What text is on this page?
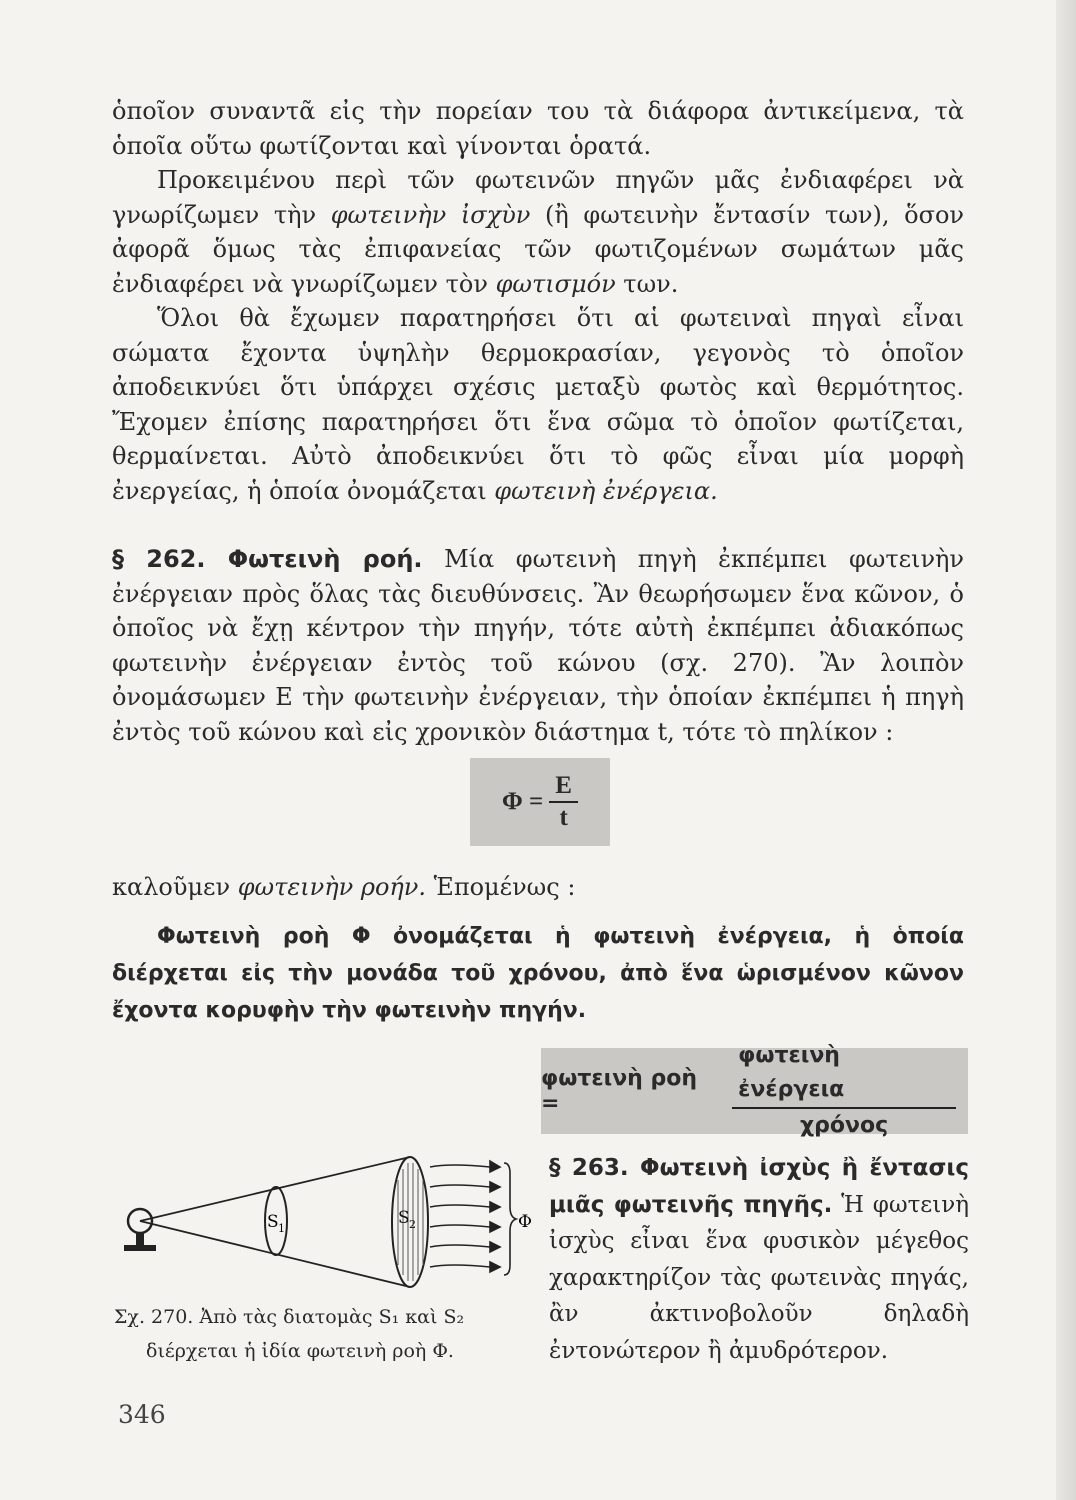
ὁποῖον συναντᾶ εἰς τὴν πορείαν του τὰ διάφορα ἀντικείμενα, τὰ ὁποῖα οὕτω φωτίζονται καὶ γίνονται ὁρατά.

Προκειμένου περὶ τῶν φωτεινῶν πηγῶν μᾶς ἐνδιαφέρει νὰ γνωρίζωμεν τὴν φωτεινὴν ἰσχὺν (ἢ φωτεινὴν ἔντασίν των), ὅσον ἀφορᾶ ὅμως τὰς ἐπιφανείας τῶν φωτιζομένων σωμάτων μᾶς ἐνδιαφέρει νὰ γνωρίζωμεν τὸν φωτισμόν των.

Ὅλοι θὰ ἔχωμεν παρατηρήσει ὅτι αἱ φωτειναὶ πηγαὶ εἶναι σώματα ἔχοντα ὑψηλὴν θερμοκρασίαν, γεγονὸς τὸ ὁποῖον ἀποδεικνύει ὅτι ὑπάρχει σχέσις μεταξὺ φωτὸς καὶ θερμότητος. Ἔχομεν ἐπίσης παρατηρήσει ὅτι ἕνα σῶμα τὸ ὁποῖον φωτίζεται, θερμαίνεται. Αὐτὸ ἀποδεικνύει ὅτι τὸ φῶς εἶναι μία μορφὴ ἐνεργείας, ἡ ὁποία ὀνομάζεται φωτεινὴ ἐνέργεια.

§ 262. Φωτεινὴ ροή. Μία φωτεινὴ πηγὴ ἐκπέμπει φωτεινὴν ἐνέργειαν πρὸς ὅλας τὰς διευθύνσεις. Ἂν θεωρήσωμεν ἕνα κῶνον, ὁ ὁποῖος νὰ ἔχῃ κέντρον τὴν πηγήν, τότε αὐτὴ ἐκπέμπει ἀδιακόπως φωτεινὴν ἐνέργειαν ἐντὸς τοῦ κώνου (σχ. 270). Ἂν λοιπὸν ὀνομάσωμεν E τὴν φωτεινὴν ἐνέργειαν, τὴν ὁποίαν ἐκπέμπει ἡ πηγὴ ἐντὸς τοῦ κώνου καὶ εἰς χρονικὸν διάστημα t, τότε τὸ πηλίκον :

$\Phi = \frac{E}{t}$

καλοῦμεν φωτεινὴν ροήν. Ἑπομένως :

Φωτεινὴ ροὴ Φ ὀνομάζεται ἡ φωτεινὴ ἐνέργεια, ἡ ὁποία διέρχεται εἰς τὴν μονάδα τοῦ χρόνου, ἀπὸ ἕνα ὡρισμένον κῶνον ἔχοντα κορυφὴν τὴν φωτεινὴν πηγήν.

φωτεινὴ ροὴ =	$\frac{\text{φωτεινὴ ἐνέργεια}}{\text{χρόνος}}$
S 1
S 2	Φ

Σχ. 270. Ἀπὸ τὰς διατομὰς S₁ καὶ S₂

διέρχεται ἡ ἰδία φωτεινὴ ροὴ Φ.

§ 263. Φωτεινὴ ἰσχὺς ἢ ἔντασις μιᾶς φωτεινῆς πηγῆς. Ἡ φωτεινὴ ἰσχὺς εἶναι ἕνα φυσικὸν μέγεθος χαρακτηρίζον τὰς φωτεινὰς πηγάς, ἂν ἀκτινοβολοῦν δηλαδὴ ἐντονώτερον ἢ ἀμυδρότερον.

346
